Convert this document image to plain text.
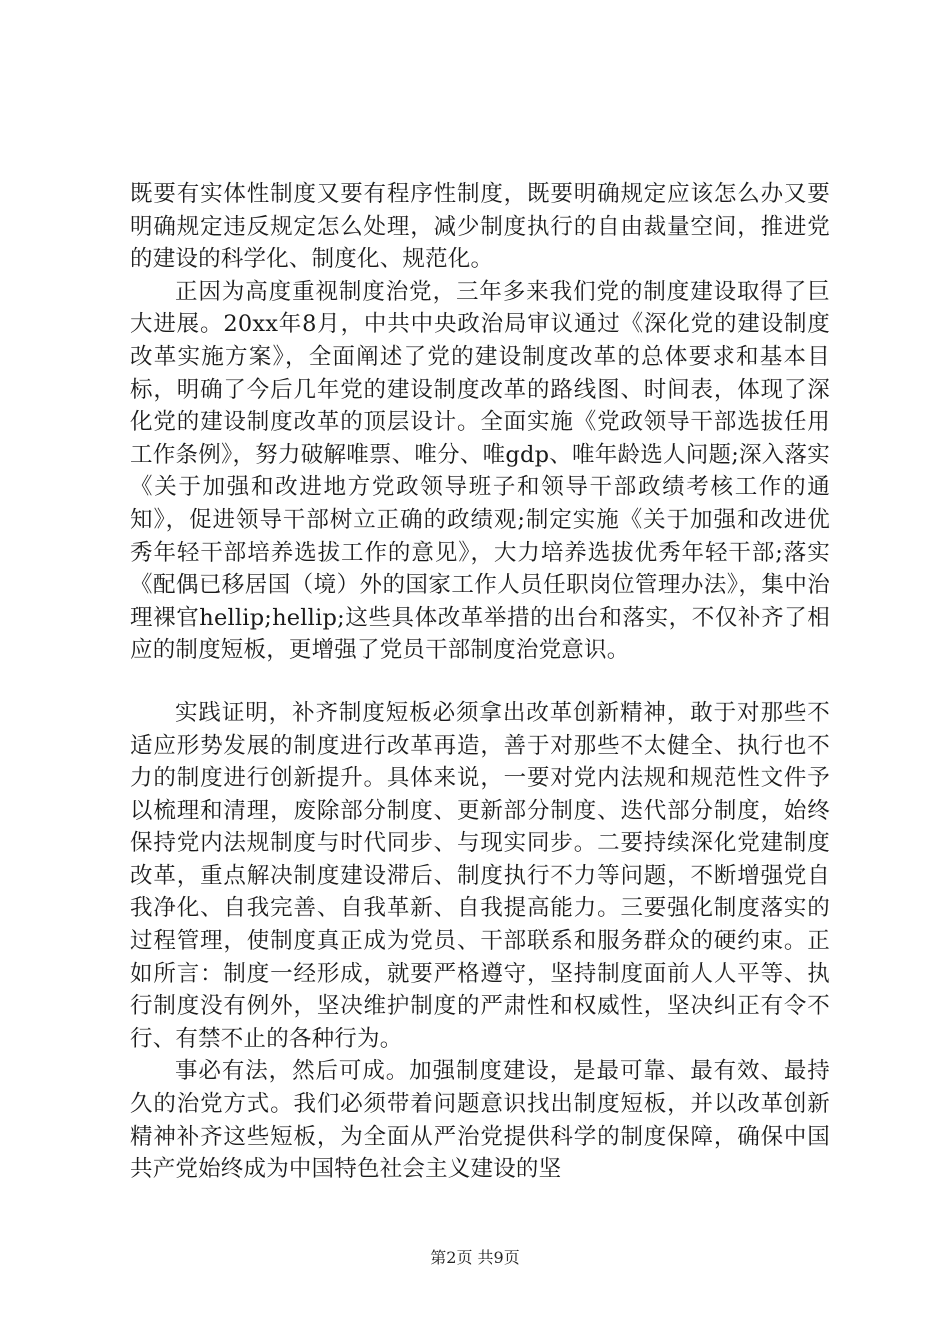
既要有实体性制度又要有程序性制度，既要明确规定应该怎么办又要明确规定违反规定怎么处理，减少制度执行的自由裁量空间，推进党的建设的科学化、制度化、规范化。

正因为高度重视制度治党，三年多来我们党的制度建设取得了巨大进展。20xx年8月，中共中央政治局审议通过《深化党的建设制度改革实施方案》，全面阐述了党的建设制度改革的总体要求和基本目标，明确了今后几年党的建设制度改革的路线图、时间表，体现了深化党的建设制度改革的顶层设计。全面实施《党政领导干部选拔任用工作条例》，努力破解唯票、唯分、唯gdp、唯年龄选人问题;深入落实《关于加强和改进地方党政领导班子和领导干部政绩考核工作的通知》，促进领导干部树立正确的政绩观;制定实施《关于加强和改进优秀年轻干部培养选拔工作的意见》，大力培养选拔优秀年轻干部;落实《配偶已移居国（境）外的国家工作人员任职岗位管理办法》，集中治理裸官hellip;hellip;这些具体改革举措的出台和落实，不仅补齐了相应的制度短板，更增强了党员干部制度治党意识。

实践证明，补齐制度短板必须拿出改革创新精神，敢于对那些不适应形势发展的制度进行改革再造，善于对那些不太健全、执行也不力的制度进行创新提升。具体来说，一要对党内法规和规范性文件予以梳理和清理，废除部分制度、更新部分制度、迭代部分制度，始终保持党内法规制度与时代同步、与现实同步。二要持续深化党建制度改革，重点解决制度建设滞后、制度执行不力等问题，不断增强党自我净化、自我完善、自我革新、自我提高能力。三要强化制度落实的过程管理，使制度真正成为党员、干部联系和服务群众的硬约束。正如所言：制度一经形成，就要严格遵守，坚持制度面前人人平等、执行制度没有例外，坚决维护制度的严肃性和权威性，坚决纠正有令不行、有禁不止的各种行为。

事必有法，然后可成。加强制度建设，是最可靠、最有效、最持久的治党方式。我们必须带着问题意识找出制度短板，并以改革创新精神补齐这些短板，为全面从严治党提供科学的制度保障，确保中国共产党始终成为中国特色社会主义建设的坚

第2页 共9页
